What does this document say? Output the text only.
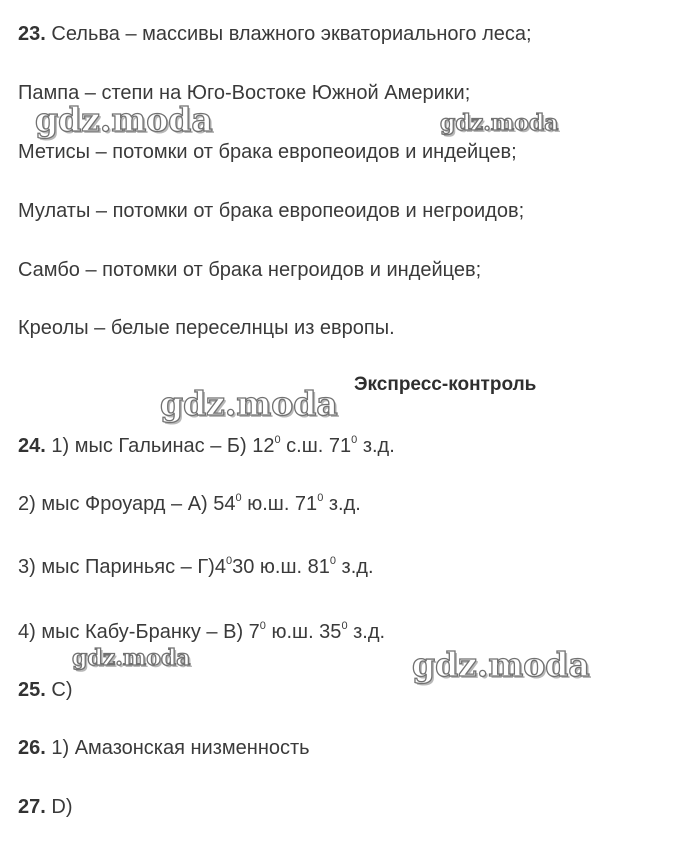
23. Сельва – массивы влажного экваториального леса;
Пампа – степи на Юго-Востоке Южной Америки;
Метисы – потомки от брака европеоидов и индейцев;
Мулаты – потомки от брака европеоидов и негроидов;
Самбо – потомки от брака негроидов и индейцев;
Креолы – белые переселнцы из европы.
Экспресс-контроль
24. 1) мыс Гальинас – Б) $12^0$ с.ш. $71^0$ з.д.
2) мыс Фроуард – А) $54^0$ ю.ш. $71^0$ з.д.
3) мыс Париньяс – $Г)4^030$ ю.ш. $81^0$ з.д.
4) мыс Кабу-Бранку – В) $7^0$ ю.ш. $35^0$ з.д.
25. С)
26. 1) Амазонская низменность
27. D)
gdz.moda	gdz.moda
gdz.moda
gdz.moda	gdz.moda
